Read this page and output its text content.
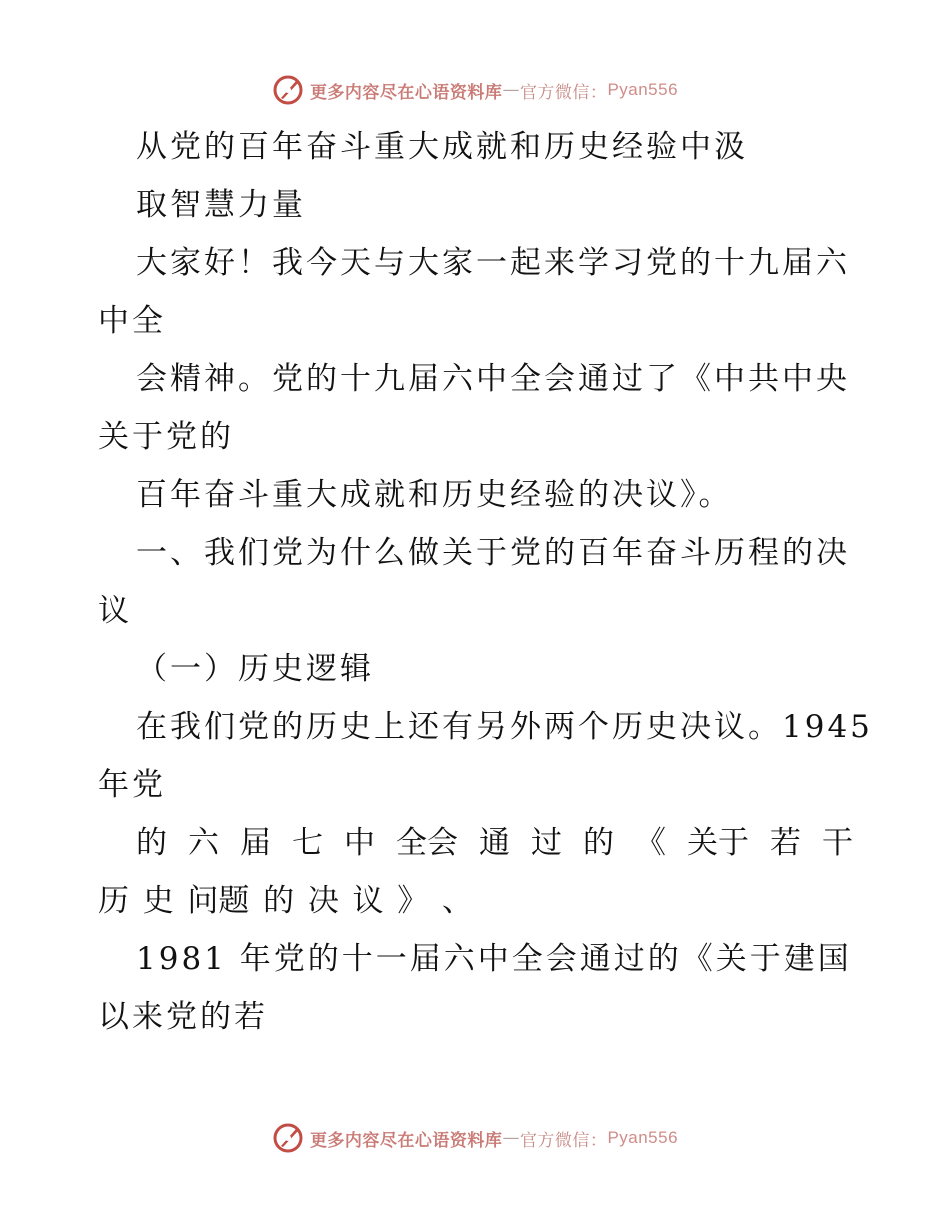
更多内容尽在心语资料库 — 官方微信： Pyan556
从党的百年奋斗重大成就和历史经验中汲
取智慧力量
大家好！我今天与大家一起来学习党的十九届六
中全
会精神。党的十九届六中全会通过了《中共中央
关于党的
百年奋斗重大成就和历史经验的决议》。
一、我们党为什么做关于党的百年奋斗历程的决
议
（一）历史逻辑
在我们党的历史上还有另外两个历史决议。1945
年党
的 六 届 七 中 全会 通 过 的 《 关于 若 干
历 史 问题 的 决 议 》 、
1981 年党的十一届六中全会通过的《关于建国
以来党的若
更多内容尽在心语资料库 — 官方微信： Pyan556
